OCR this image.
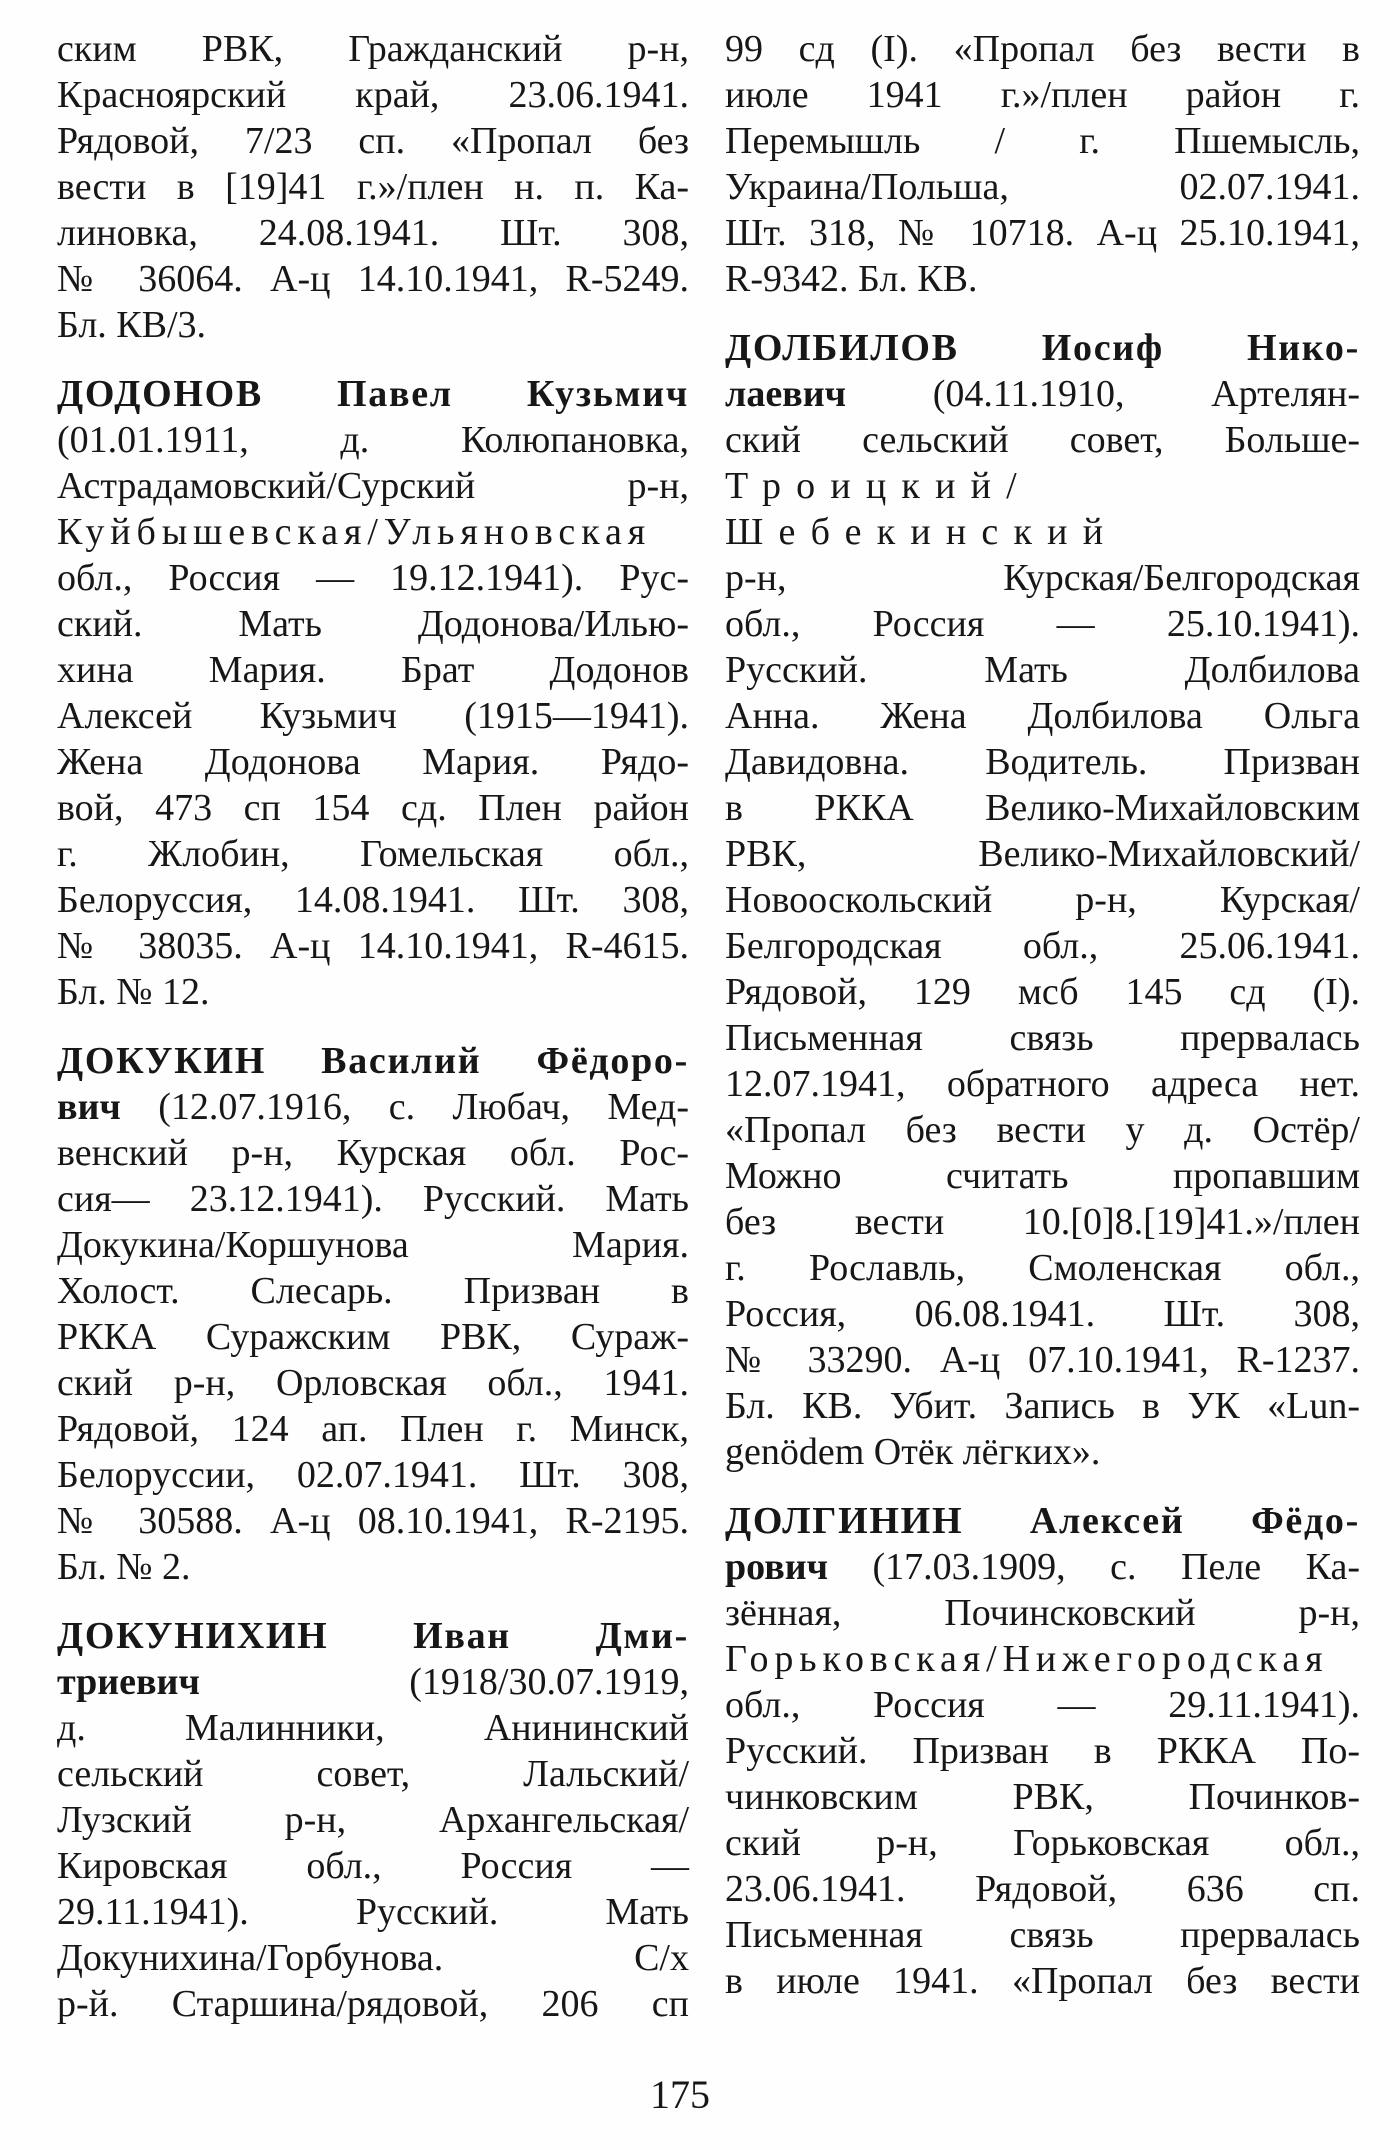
ским РВК, Гражданский р-н,
Красноярский край, 23.06.1941.
Рядовой, 7/23 сп. «Пропал без
вести в [19]41 г.»/плен н. п. Ка-
линовка, 24.08.1941. Шт. 308,
№ 36064. А-ц 14.10.1941, R-5249.
Бл. КВ/3.
ДОДОНОВ Павел Кузьмич
(01.01.1911, д. Колюпановка,
Астрадамовский/Сурский р-н,
Куйбышевская/Ульяновская
обл., Россия — 19.12.1941). Рус-
ский. Мать Додонова/Илью-
хина Мария. Брат Додонов
Алексей Кузьмич (1915—1941).
Жена Додонова Мария. Рядо-
вой, 473 сп 154 сд. Плен район
г. Жлобин, Гомельская обл.,
Белоруссия, 14.08.1941. Шт. 308,
№ 38035. А-ц 14.10.1941, R-4615.
Бл. № 12.
ДОКУКИН Василий Фёдоро-
вич (12.07.1916, с. Любач, Мед-
венский р-н, Курская обл. Рос-
сия— 23.12.1941). Русский. Мать
Докукина/Коршунова Мария.
Холост. Слесарь. Призван в
РККА Суражским РВК, Сураж-
ский р-н, Орловская обл., 1941.
Рядовой, 124 ап. Плен г. Минск,
Белоруссии, 02.07.1941. Шт. 308,
№ 30588. А-ц 08.10.1941, R-2195.
Бл. № 2.
ДОКУНИХИН Иван Дми-
триевич (1918/30.07.1919,
д. Малинники, Анининский
сельский совет, Лальский/
Лузский р-н, Архангельская/
Кировская обл., Россия —
29.11.1941). Русский. Мать
Докунихина/Горбунова. С/х
р-й. Старшина/рядовой, 206 сп
99 сд (I). «Пропал без вести в
июле 1941 г.»/плен район г.
Перемышль / г. Пшемысль,
Украина/Польша, 02.07.1941.
Шт. 318, № 10718. А-ц 25.10.1941,
R-9342. Бл. КВ.
ДОЛБИЛОВ Иосиф Нико-
лаевич (04.11.1910, Артелян-
ский сельский совет, Больше-
Троицкий/Шебекинский
р-н, Курская/Белгородская
обл., Россия — 25.10.1941).
Русский. Мать Долбилова
Анна. Жена Долбилова Ольга
Давидовна. Водитель. Призван
в РККА Велико-Михайловским
РВК, Велико-Михайловский/
Новооскольский р-н, Курская/
Белгородская обл., 25.06.1941.
Рядовой, 129 мсб 145 сд (I).
Письменная связь прервалась
12.07.1941, обратного адреса нет.
«Пропал без вести у д. Остёр/
Можно считать пропавшим
без вести 10.[0]8.[19]41.»/плен
г. Рославль, Смоленская обл.,
Россия, 06.08.1941. Шт. 308,
№ 33290. А-ц 07.10.1941, R-1237.
Бл. КВ. Убит. Запись в УК «Lun-
genödem Отёк лёгких».
ДОЛГИНИН Алексей Фёдо-
рович (17.03.1909, с. Пеле Ка-
зённая, Починсковский р-н,
Горьковская/Нижегородская
обл., Россия — 29.11.1941).
Русский. Призван в РККА По-
чинковским РВК, Починков-
ский р-н, Горьковская обл.,
23.06.1941. Рядовой, 636 сп.
Письменная связь прервалась
в июле 1941. «Пропал без вести
175
